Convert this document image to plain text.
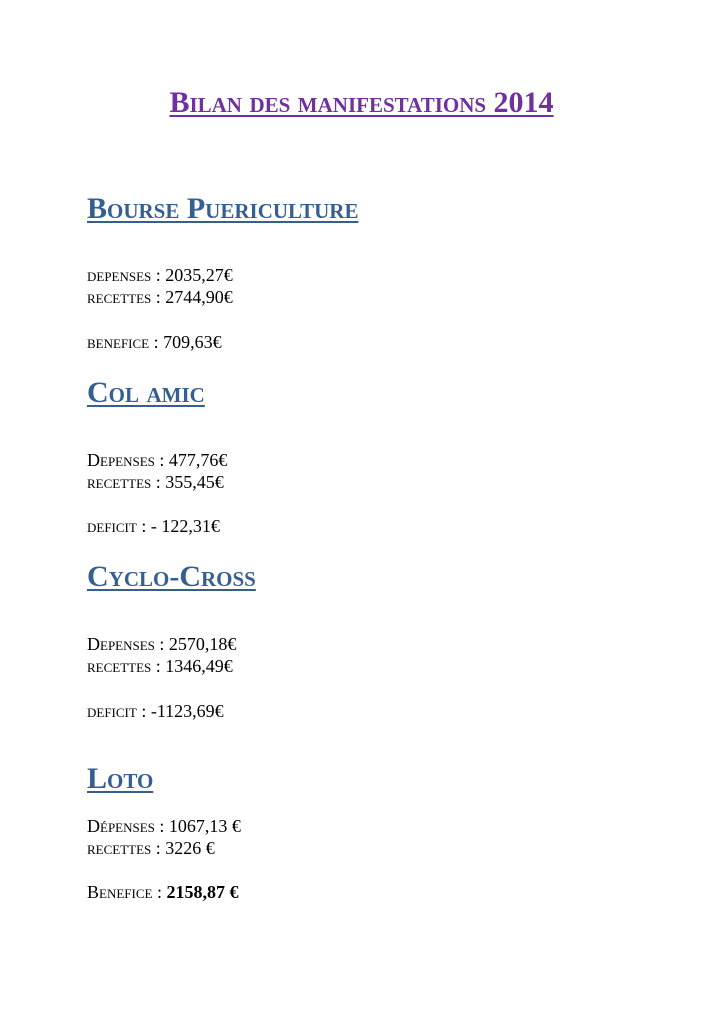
Bilan des manifestations 2014
Bourse Puericulture

depenses : 2035,27€

recettes : 2744,90€

benefice : 709,63€

Col amic

Depenses : 477,76€

recettes : 355,45€

deficit : - 122,31€

Cyclo-Cross

Depenses : 2570,18€

recettes : 1346,49€

deficit : -1123,69€

Loto

Dépenses : 1067,13 €

recettes : 3226 €

Benefice : 2158,87 €
